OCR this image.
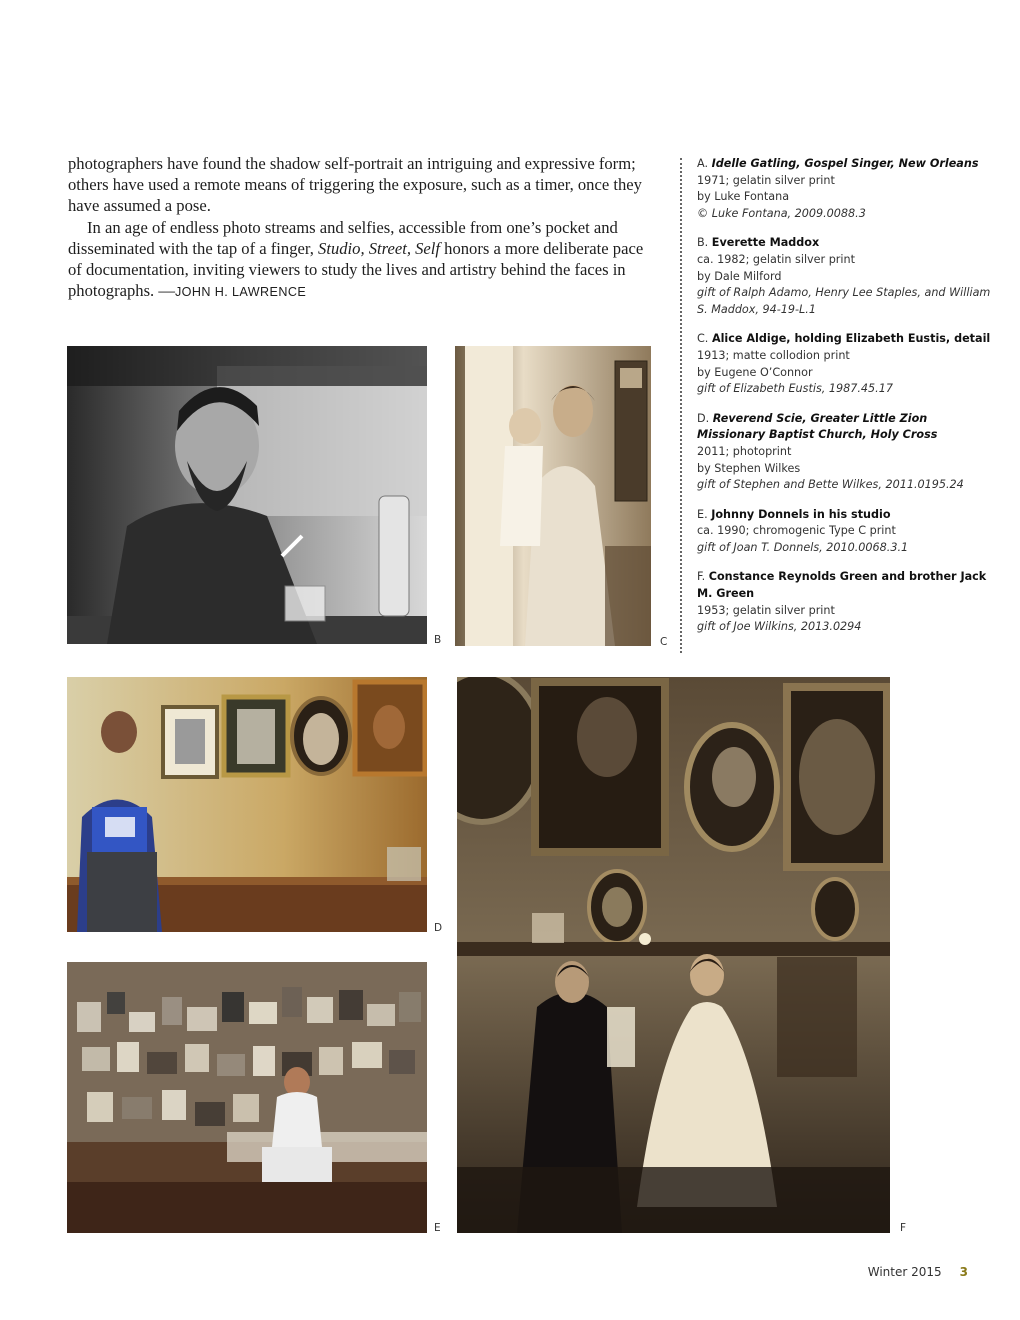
photographers have found the shadow self-portrait an intriguing and expressive form; others have used a remote means of triggering the exposure, such as a timer, once they have assumed a pose.

In an age of endless photo streams and selfies, accessible from one’s pocket and disseminated with the tap of a finger, Studio, Street, Self honors a more deliberate pace of documentation, inviting viewers to study the lives and artistry behind the faces in photographs. —JOHN H. LAWRENCE

A. Idelle Gatling, Gospel Singer, New Orleans
1971; gelatin silver print
by Luke Fontana
© Luke Fontana, 2009.0088.3
B. Everette Maddox
ca. 1982; gelatin silver print
by Dale Milford
gift of Ralph Adamo, Henry Lee Staples, and William S. Maddox, 94-19-L.1
C. Alice Aldige, holding Elizabeth Eustis, detail
1913; matte collodion print
by Eugene O’Connor
gift of Elizabeth Eustis, 1987.45.17
D. Reverend Scie, Greater Little Zion Missionary Baptist Church, Holy Cross
2011; photoprint
by Stephen Wilkes
gift of Stephen and Bette Wilkes, 2011.0195.24
E. Johnny Donnels in his studio
ca. 1990; chromogenic Type C print
gift of Joan T. Donnels, 2010.0068.3.1
F. Constance Reynolds Green and brother Jack M. Green
1953; gelatin silver print
gift of Joe Wilkins, 2013.0294
B	C
D
E	F
Winter 2015 3
